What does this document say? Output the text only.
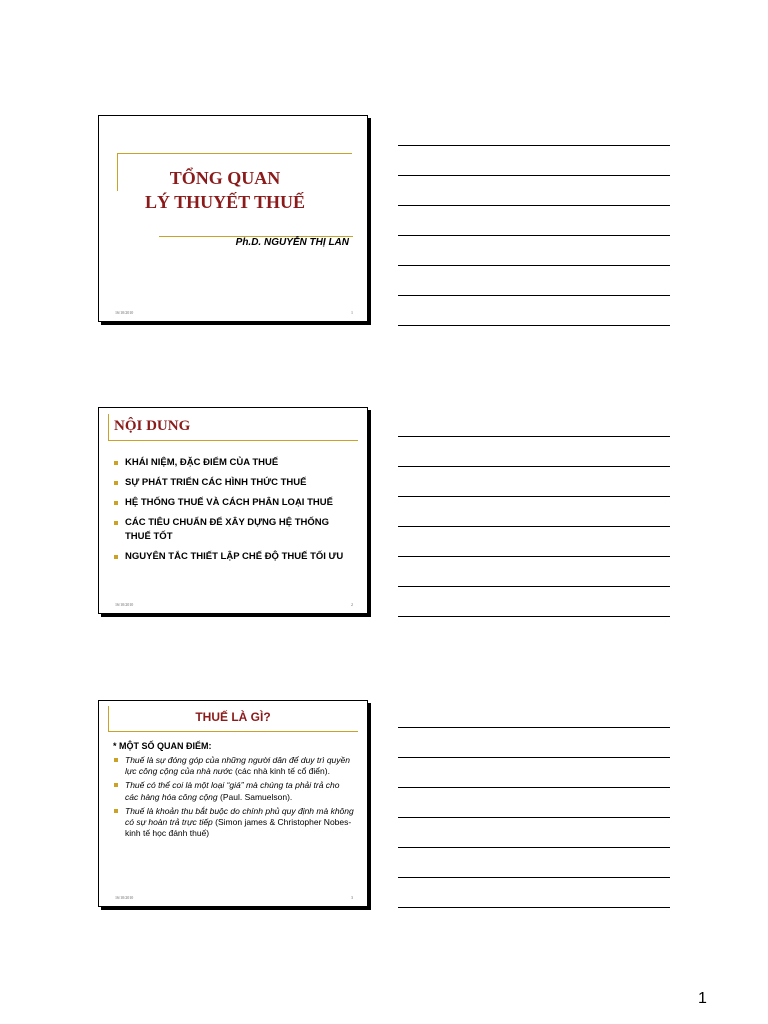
TỔNG QUAN
LÝ THUYẾT THUẾ
Ph.D. NGUYỄN THỊ LAN
16/10/2010	1
NỘI DUNG
KHÁI NIỆM, ĐẶC ĐIỂM CỦA THUẾ
SỰ PHÁT TRIỂN CÁC HÌNH THỨC THUẾ
HỆ THỐNG THUẾ VÀ CÁCH PHÂN LOẠI THUẾ
CÁC TIÊU CHUẨN ĐỂ XÂY DỰNG HỆ THỐNG THUẾ TỐT
NGUYÊN TẮC THIẾT LẬP CHẾ ĐỘ THUẾ TỐI ƯU
16/10/2010	2
THUẾ LÀ GÌ?
* MỘT SỐ QUAN ĐIỂM:
Thuế là sự đóng góp của những người dân để duy trì quyền lực công cộng của nhà nước (các nhà kinh tế cổ điển).
Thuế có thể coi là một loại “giá” mà chúng ta phải trả cho các hàng hóa công cộng (Paul. Samuelson).
Thuế là khoản thu bắt buộc do chính phủ quy định mà không có sự hoàn trả trực tiếp (Simon james & Christopher Nobes- kinh tế học đánh thuế)
16/10/2010	3
1
